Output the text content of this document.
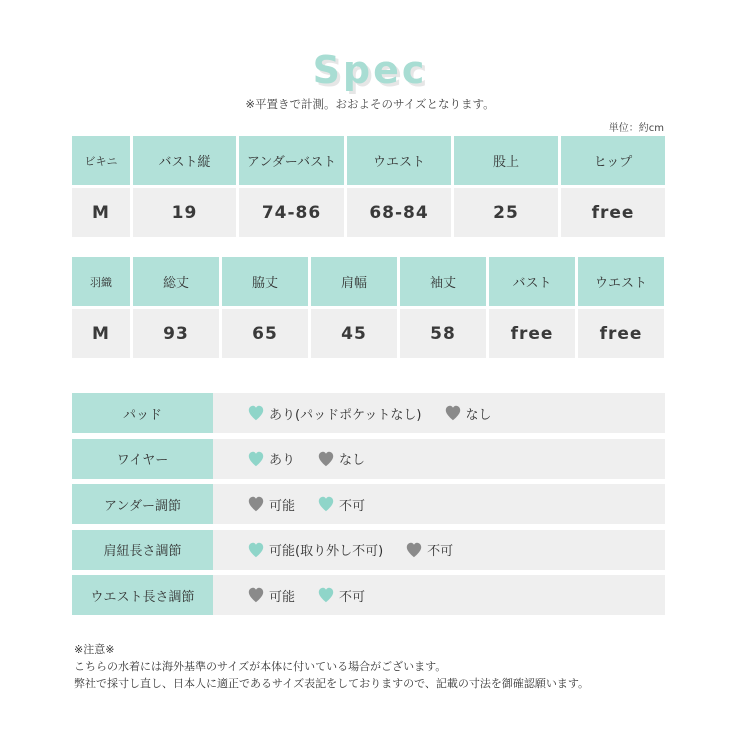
Spec
※平置きで計測。おおよそのサイズとなります。
単位：約cm
ビキニ	バスト縦	アンダーバスト	ウエスト	股上	ヒップ
M	19	74-86	68-84	25	free
羽織	総丈	脇丈	肩幅	袖丈	バスト	ウエスト
M	93	65	45	58	free	free
パッド	あり(パッドポケットなし)	なし
ワイヤー	あり	なし
アンダー調節	可能	不可
肩紐長さ調節	可能(取り外し不可)	不可
ウエスト長さ調節	可能	不可
※注意※
こちらの水着には海外基準のサイズが本体に付いている場合がございます。
弊社で採寸し直し、日本人に適正であるサイズ表記をしておりますので、記載の寸法を御確認願います。
